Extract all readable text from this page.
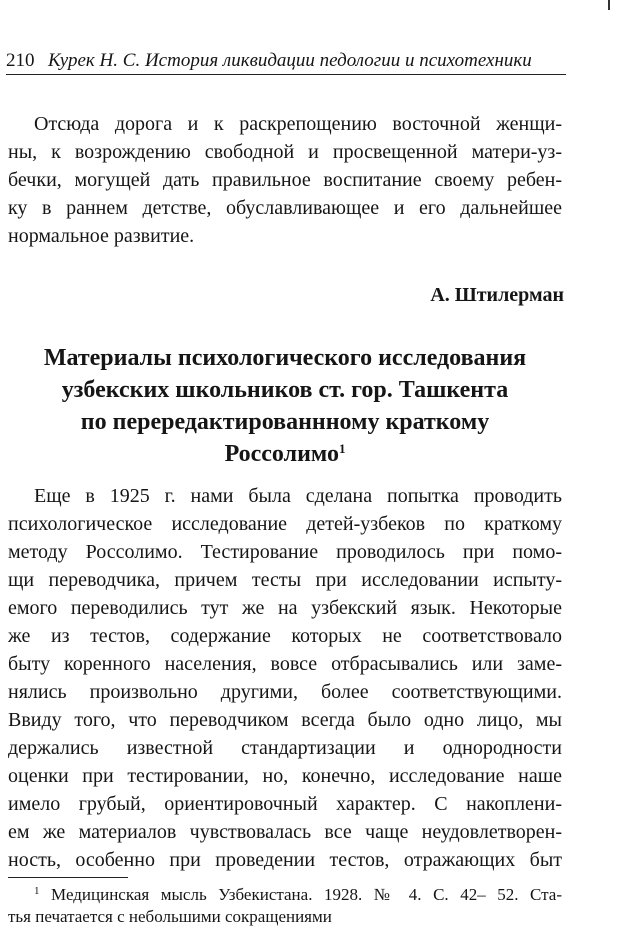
210 Курек Н. С. История ликвидации педологии и психотехники
Отсюда дорога и к раскрепощению восточной женщи-
ны, к возрождению свободной и просвещенной матери-уз-
бечки, могущей дать правильное воспитание своему ребен-
ку в раннем детстве, обуславливающее и его дальнейшее
нормальное развитие.
А. Штилерман
Материалы психологического исследования
узбекских школьников ст. гор. Ташкента
по перередактированнному краткому
Россолимо$^1$
Еще в 1925 г. нами была сделана попытка проводить
психологическое исследование детей-узбеков по краткому
методу Россолимо. Тестирование проводилось при помо-
щи переводчика, причем тесты при исследовании испыту-
емого переводились тут же на узбекский язык. Некоторые
же из тестов, содержание которых не соответствовало
быту коренного населения, вовсе отбрасывались или заме-
нялись произвольно другими, более соответствующими.
Ввиду того, что переводчиком всегда было одно лицо, мы
держались известной стандартизации и однородности
оценки при тестировании, но, конечно, исследование наше
имело грубый, ориентировочный характер. С накоплени-
ем же материалов чувствовалась все чаще неудовлетворен-
ность, особенно при проведении тестов, отражающих быт
$^1$ Медицинская мысль Узбекистана. 1928. № 4. С. 42– 52. Ста-
тья печатается с небольшими сокращениями
